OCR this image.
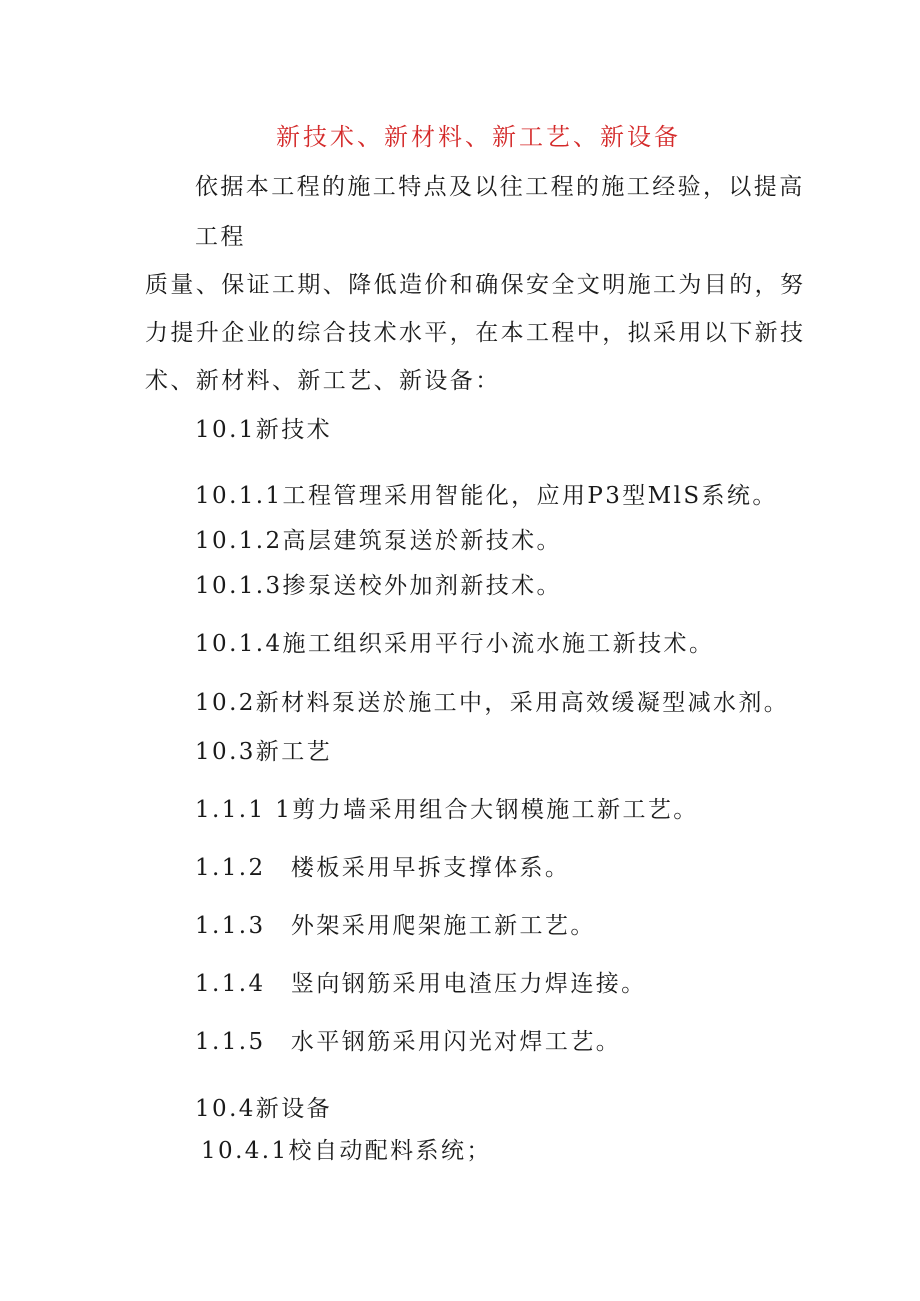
新技术、新材料、新工艺、新设备
依据本工程的施工特点及以往工程的施工经验，以提高
工程
质量、保证工期、降低造价和确保安全文明施工为目的，努
力提升企业的综合技术水平，在本工程中，拟采用以下新技
术、新材料、新工艺、新设备：
10.1新技术
10.1.1工程管理采用智能化，应用P3型MlS系统。
10.1.2高层建筑泵送於新技术。
10.1.3掺泵送校外加剂新技术。
10.1.4施工组织采用平行小流水施工新技术。
10.2新材料泵送於施工中，采用高效缓凝型减水剂。
10.3新工艺
1.1.1 1剪力墙采用组合大钢模施工新工艺。
1.1.2　楼板采用早拆支撑体系。
1.1.3　外架采用爬架施工新工艺。
1.1.4　竖向钢筋采用电渣压力焊连接。
1.1.5　水平钢筋采用闪光对焊工艺。
10.4新设备
10.4.1校自动配料系统；
